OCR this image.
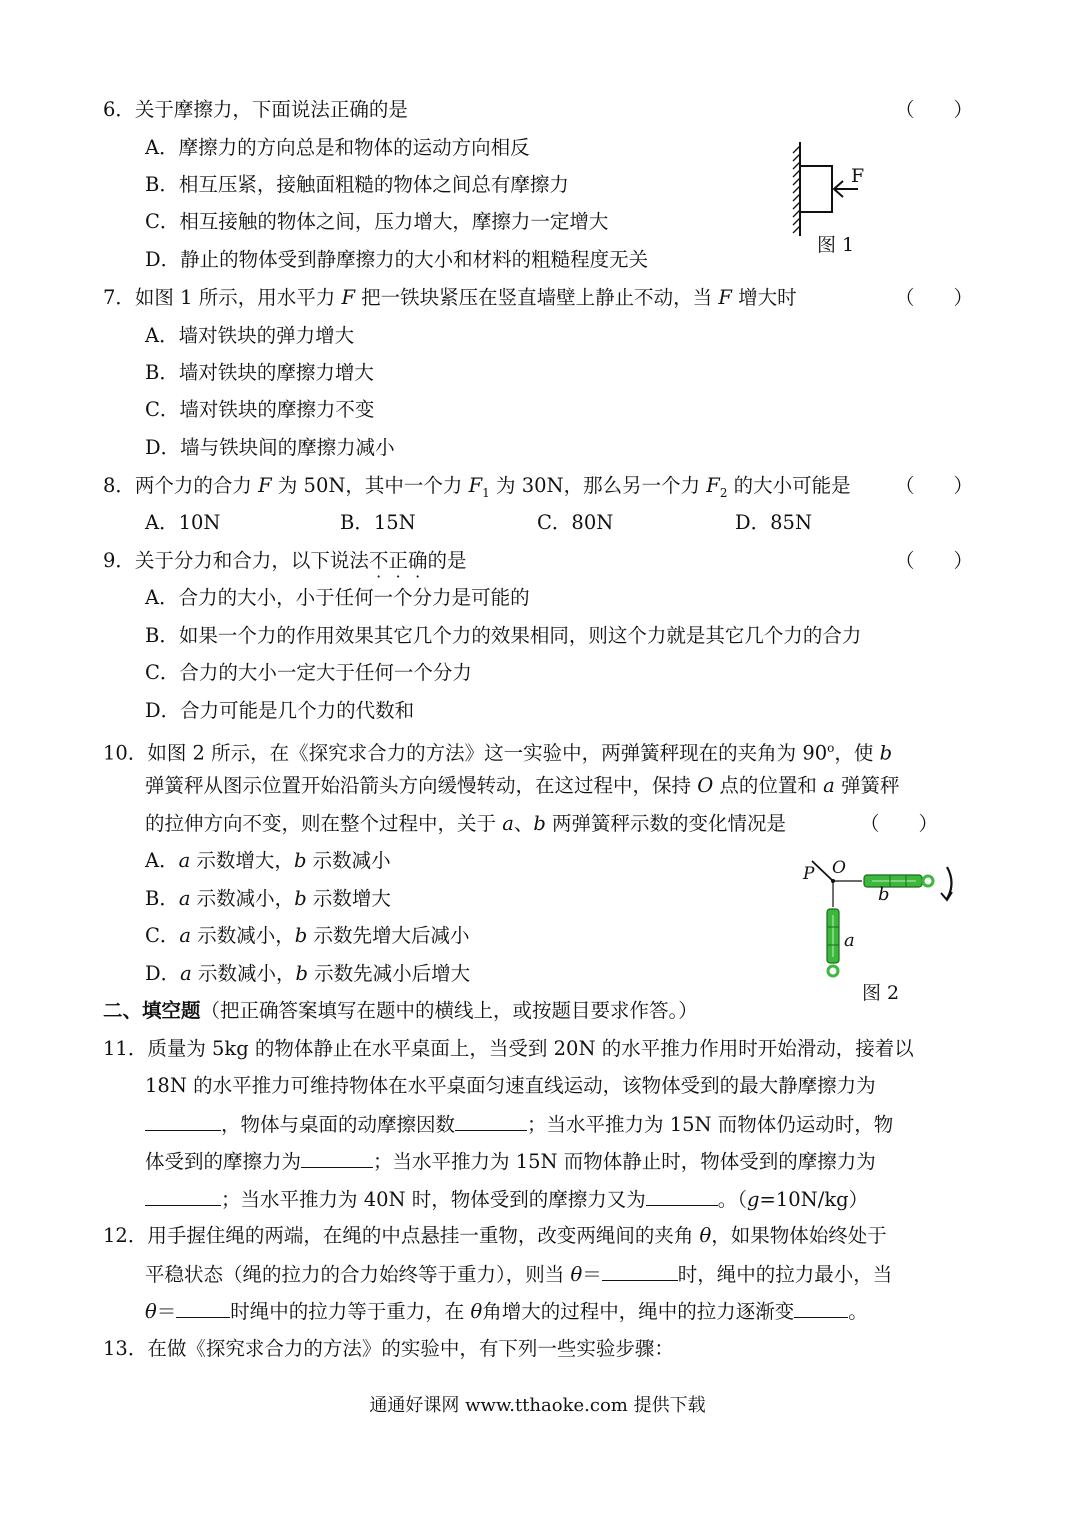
6．关于摩擦力，下面说法正确的是	（　　）
A．摩擦力的方向总是和物体的运动方向相反
B．相互压紧，接触面粗糙的物体之间总有摩擦力
C．相互接触的物体之间，压力增大，摩擦力一定增大
D．静止的物体受到静摩擦力的大小和材料的粗糙程度无关
F
图 1
7．如图 1 所示，用水平力 F 把一铁块紧压在竖直墙壁上静止不动，当 F 增大时	（　　）
A．墙对铁块的弹力增大
B．墙对铁块的摩擦力增大
C．墙对铁块的摩擦力不变
D．墙与铁块间的摩擦力减小
8．两个力的合力 F 为 50N，其中一个力 $F_1$ 为 30N，那么另一个力 $F_2$ 的大小可能是 （　　）
A．10N	B．15N	C．80N	D．85N
9．关于分力和合力，以下说法不正确的是	（　　）
A．合力的大小，小于任何一个分力是可能的
B．如果一个力的作用效果其它几个力的效果相同，则这个力就是其它几个力的合力
C．合力的大小一定大于任何一个分力
D．合力可能是几个力的代数和
10．如图 2 所示，在《探究求合力的方法》这一实验中，两弹簧秤现在的夹角为 90$^o$，使 b
弹簧秤从图示位置开始沿箭头方向缓慢转动，在这过程中，保持 O 点的位置和 a 弹簧秤
的拉伸方向不变，则在整个过程中，关于 a、b 两弹簧秤示数的变化情况是	（　　）
A．a 示数增大，b 示数减小
B．a 示数减小，b 示数增大
C．a 示数减小，b 示数先增大后减小
D．a 示数减小，b 示数先减小后增大
P O
b
a
图 2
二、填空题（把正确答案填写在题中的横线上，或按题目要求作答。）
11．质量为 5kg 的物体静止在水平桌面上，当受到 20N 的水平推力作用时开始滑动，接着以
18N 的水平推力可维持物体在水平桌面匀速直线运动，该物体受到的最大静摩擦力为
，物体与桌面的动摩擦因数	；当水平推力为 15N 而物体仍运动时，物
体受到的摩擦力为	；当水平推力为 15N 而物体静止时，物体受到的摩擦力为
；当水平推力为 40N 时，物体受到的摩擦力又为	。（g=10N/kg）
12．用手握住绳的两端，在绳的中点悬挂一重物，改变两绳间的夹角 θ，如果物体始终处于
平稳状态（绳的拉力的合力始终等于重力），则当 θ＝	时，绳中的拉力最小，当
θ＝	时绳中的拉力等于重力，在 θ角增大的过程中，绳中的拉力逐渐变	。
13．在做《探究求合力的方法》的实验中，有下列一些实验步骤：
通通好课网 www.tthaoke.com 提供下载
